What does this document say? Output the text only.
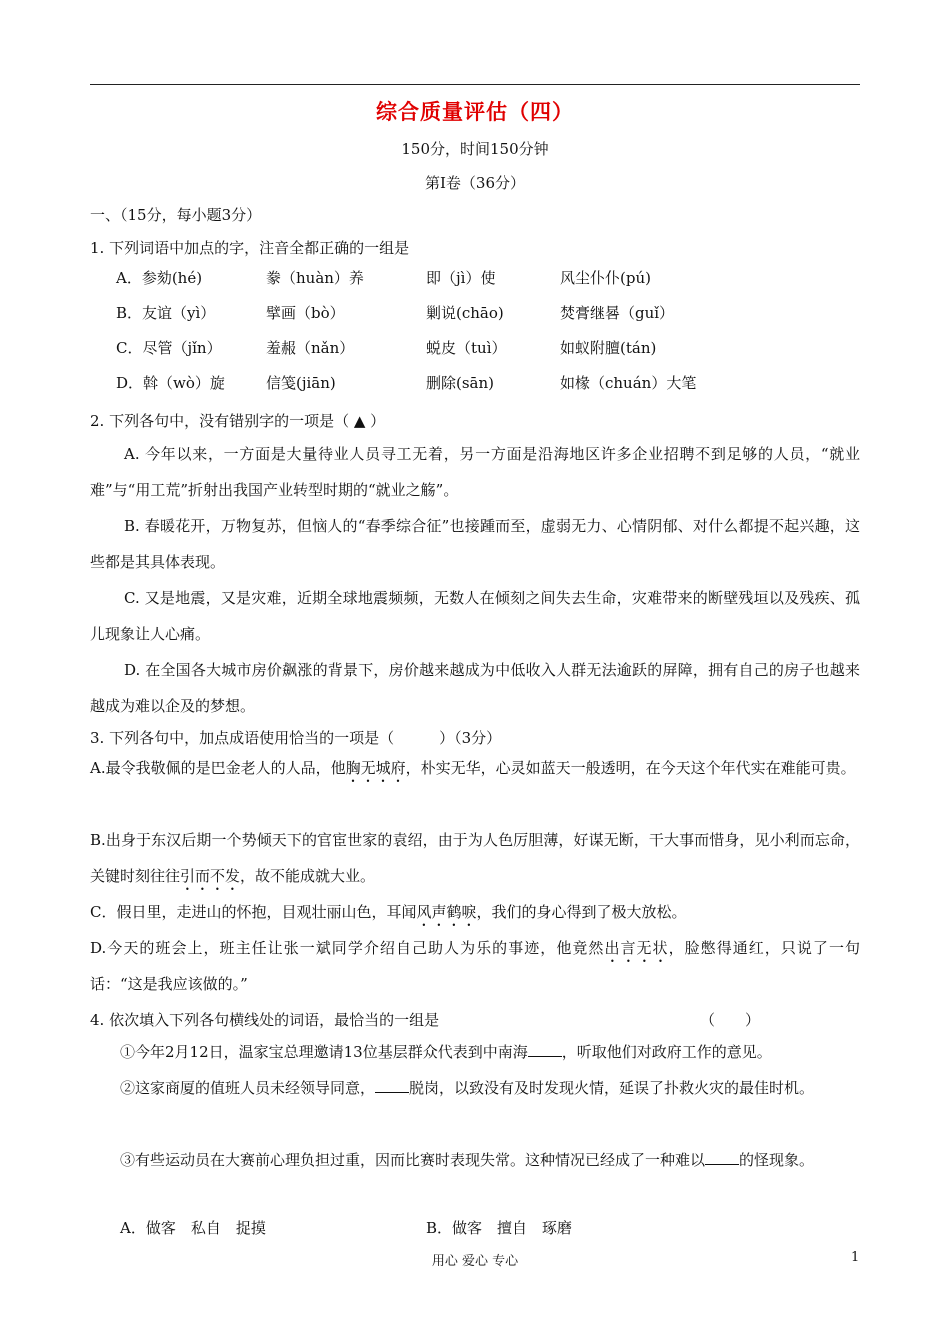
综合质量评估（四）
150分，时间150分钟
第Ⅰ卷（36分）
一、（15分，每小题3分）
1. 下列词语中加点的字，注音全都正确的一组是
A．参劾(hé)	豢（huàn）养	即（jì）使	风尘仆仆(pú)
B．友谊（yì）	擘画（bò）	剿说(chāo)	焚膏继晷（guǐ）
C．尽管（jǐn）	羞赧（nǎn）	蜕皮（tuì）	如蚁附膻(tán)
D．斡（wò）旋	信笺(jiān)	删除(sān)	如椽（chuán）大笔
2. 下列各句中，没有错别字的一项是（ ▲ ）

A. 今年以来，一方面是大量待业人员寻工无着，另一方面是沿海地区许多企业招聘不到足够的人员，“就业难”与“用工荒”折射出我国产业转型时期的“就业之觞”。

B. 春暖花开，万物复苏，但恼人的“春季综合征”也接踵而至，虚弱无力、心情阴郁、对什么都提不起兴趣，这些都是其具体表现。

C. 又是地震，又是灾难，近期全球地震频频，无数人在倾刻之间失去生命，灾难带来的断壁残垣以及残疾、孤儿现象让人心痛。

D. 在全国各大城市房价飙涨的背景下，房价越来越成为中低收入人群无法逾跃的屏障，拥有自己的房子也越来越成为难以企及的梦想。

3. 下列各句中，加点成语使用恰当的一项是（　　　）（3分）

A.最令我敬佩的是巴金老人的人品，他胸无城府，朴实无华，心灵如蓝天一般透明，在今天这个年代实在难能可贵。

B.出身于东汉后期一个势倾天下的官宦世家的袁绍，由于为人色厉胆薄，好谋无断，干大事而惜身，见小利而忘命，关键时刻往往引而不发，故不能成就大业。

C．假日里，走进山的怀抱，目观壮丽山色，耳闻风声鹤唳，我们的身心得到了极大放松。

D.今天的班会上，班主任让张一斌同学介绍自己助人为乐的事迹，他竟然出言无状，脸憋得通红，只说了一句话：“这是我应该做的。”

4. 依次填入下列各句横线处的词语，最恰当的一组是	（　　）

①今年2月12日，温家宝总理邀请13位基层群众代表到中南海 ，听取他们对政府工作的意见。

②这家商厦的值班人员未经领导同意， 脱岗，以致没有及时发现火情，延误了扑救火灾的最佳时机。

③有些运动员在大赛前心理负担过重，因而比赛时表现失常。这种情况已经成了一种难以 的怪现象。

A．做客　私自　捉摸	B．做客　擅自　琢磨
用心 爱心 专心	1
